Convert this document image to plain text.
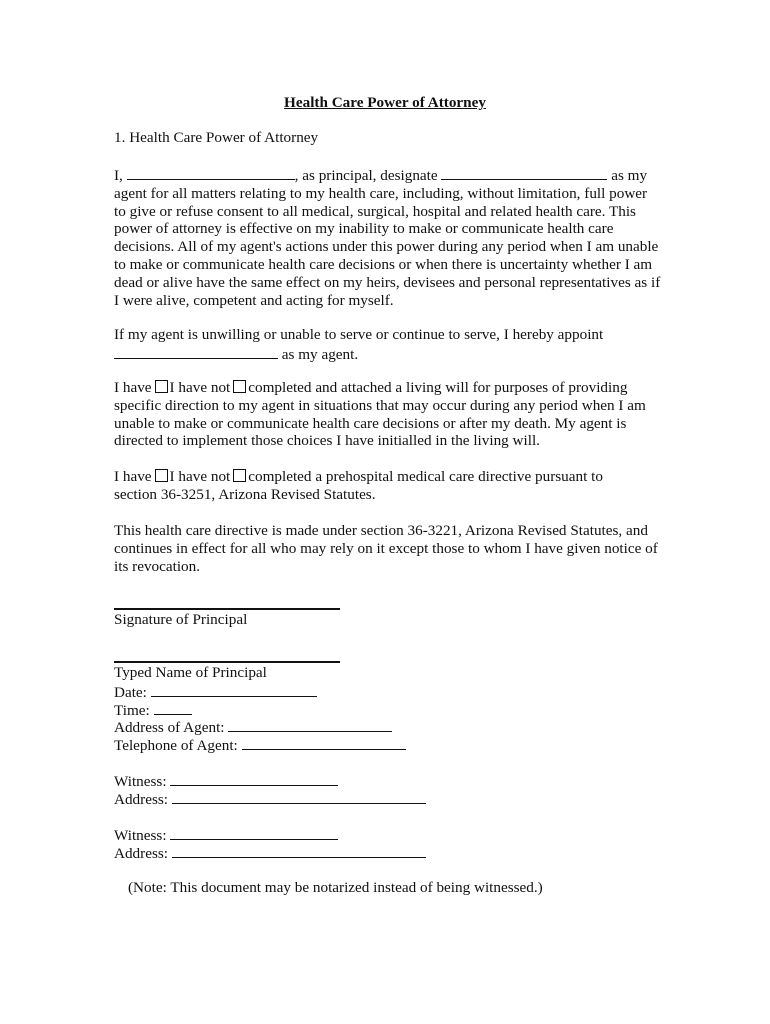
Health Care Power of Attorney
1. Health Care Power of Attorney
I,	, as principal, designate	as my
agent for all matters relating to my health care, including, without limitation, full power
to give or refuse consent to all medical, surgical, hospital and related health care. This
power of attorney is effective on my inability to make or communicate health care
decisions. All of my agent's actions under this power during any period when I am unable
to make or communicate health care decisions or when there is uncertainty whether I am
dead or alive have the same effect on my heirs, devisees and personal representatives as if
I were alive, competent and acting for myself.
If my agent is unwilling or unable to serve or continue to serve, I hereby appoint
as my agent.
I have I have not completed and attached a living will for purposes of providing
specific direction to my agent in situations that may occur during any period when I am
unable to make or communicate health care decisions or after my death. My agent is
directed to implement those choices I have initialled in the living will.
I have I have not completed a prehospital medical care directive pursuant to
section 36-3251, Arizona Revised Statutes.
This health care directive is made under section 36-3221, Arizona Revised Statutes, and
continues in effect for all who may rely on it except those to whom I have given notice of
its revocation.
Signature of Principal
Typed Name of Principal
Date:
Time:
Address of Agent:
Telephone of Agent:
Witness:
Address:
Witness:
Address:
(Note: This document may be notarized instead of being witnessed.)
